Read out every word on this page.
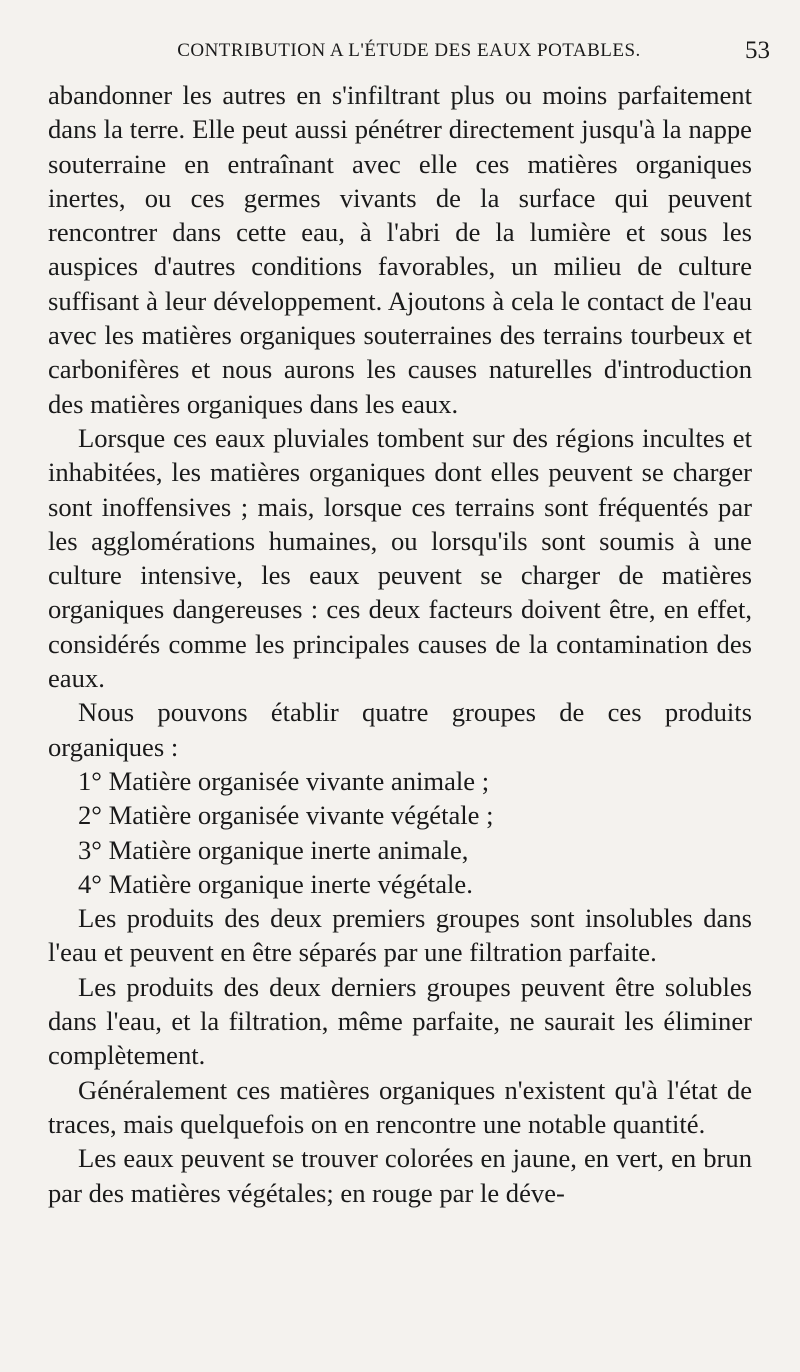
CONTRIBUTION A L'ÉTUDE DES EAUX POTABLES.	53

abandonner les autres en s'infiltrant plus ou moins parfaitement dans la terre. Elle peut aussi pénétrer directement jusqu'à la nappe souterraine en entraînant avec elle ces matières organiques inertes, ou ces germes vivants de la surface qui peuvent rencontrer dans cette eau, à l'abri de la lumière et sous les auspices d'autres conditions favorables, un milieu de culture suffisant à leur développement. Ajoutons à cela le contact de l'eau avec les matières organiques souterraines des terrains tourbeux et carbonifères et nous aurons les causes naturelles d'introduction des matières organiques dans les eaux.

Lorsque ces eaux pluviales tombent sur des régions incultes et inhabitées, les matières organiques dont elles peuvent se charger sont inoffensives ; mais, lorsque ces terrains sont fréquentés par les agglomérations humaines, ou lorsqu'ils sont soumis à une culture intensive, les eaux peuvent se charger de matières organiques dangereuses : ces deux facteurs doivent être, en effet, considérés comme les principales causes de la contamination des eaux.

Nous pouvons établir quatre groupes de ces produits organiques :

1° Matière organisée vivante animale ;

2° Matière organisée vivante végétale ;

3° Matière organique inerte animale,

4° Matière organique inerte végétale.

Les produits des deux premiers groupes sont insolubles dans l'eau et peuvent en être séparés par une filtration parfaite.

Les produits des deux derniers groupes peuvent être solubles dans l'eau, et la filtration, même parfaite, ne saurait les éliminer complètement.

Généralement ces matières organiques n'existent qu'à l'état de traces, mais quelquefois on en rencontre une notable quantité.

Les eaux peuvent se trouver colorées en jaune, en vert, en brun par des matières végétales; en rouge par le déve-
